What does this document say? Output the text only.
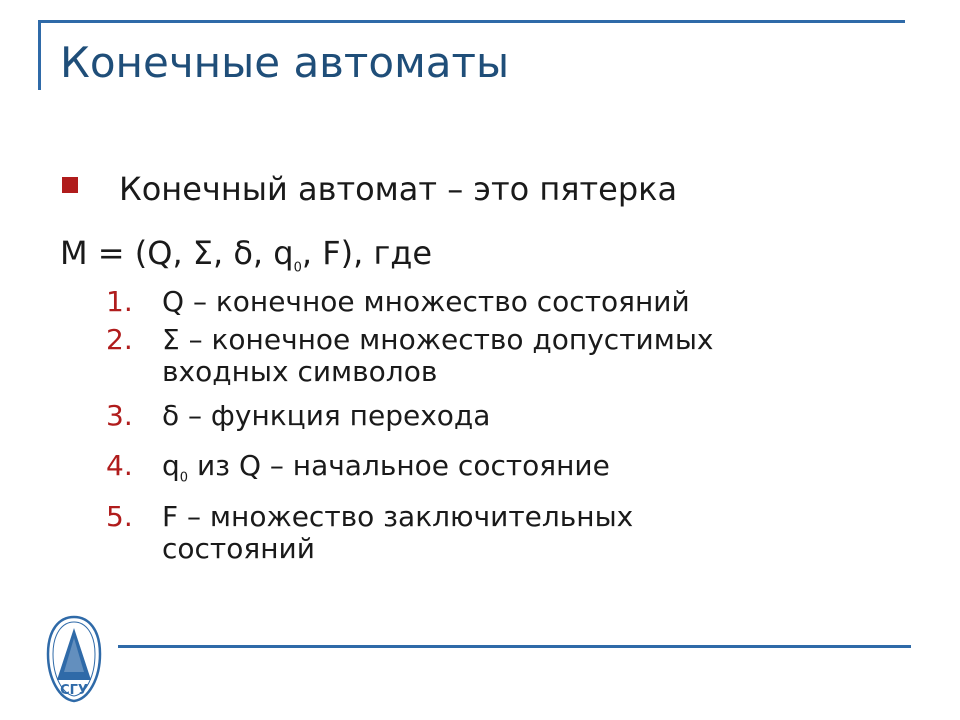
Конечные автоматы
Конечный автомат – это пятерка
M = (Q, Σ, δ, $q_0$, F), где
1.	Q – конечное множество состояний
2.	Σ – конечное множество допустимых
входных символов
3.	δ – функция перехода
4.	$q_0$ из Q – начальное состояние
5.	F – множество заключительных
состояний
СГУ
